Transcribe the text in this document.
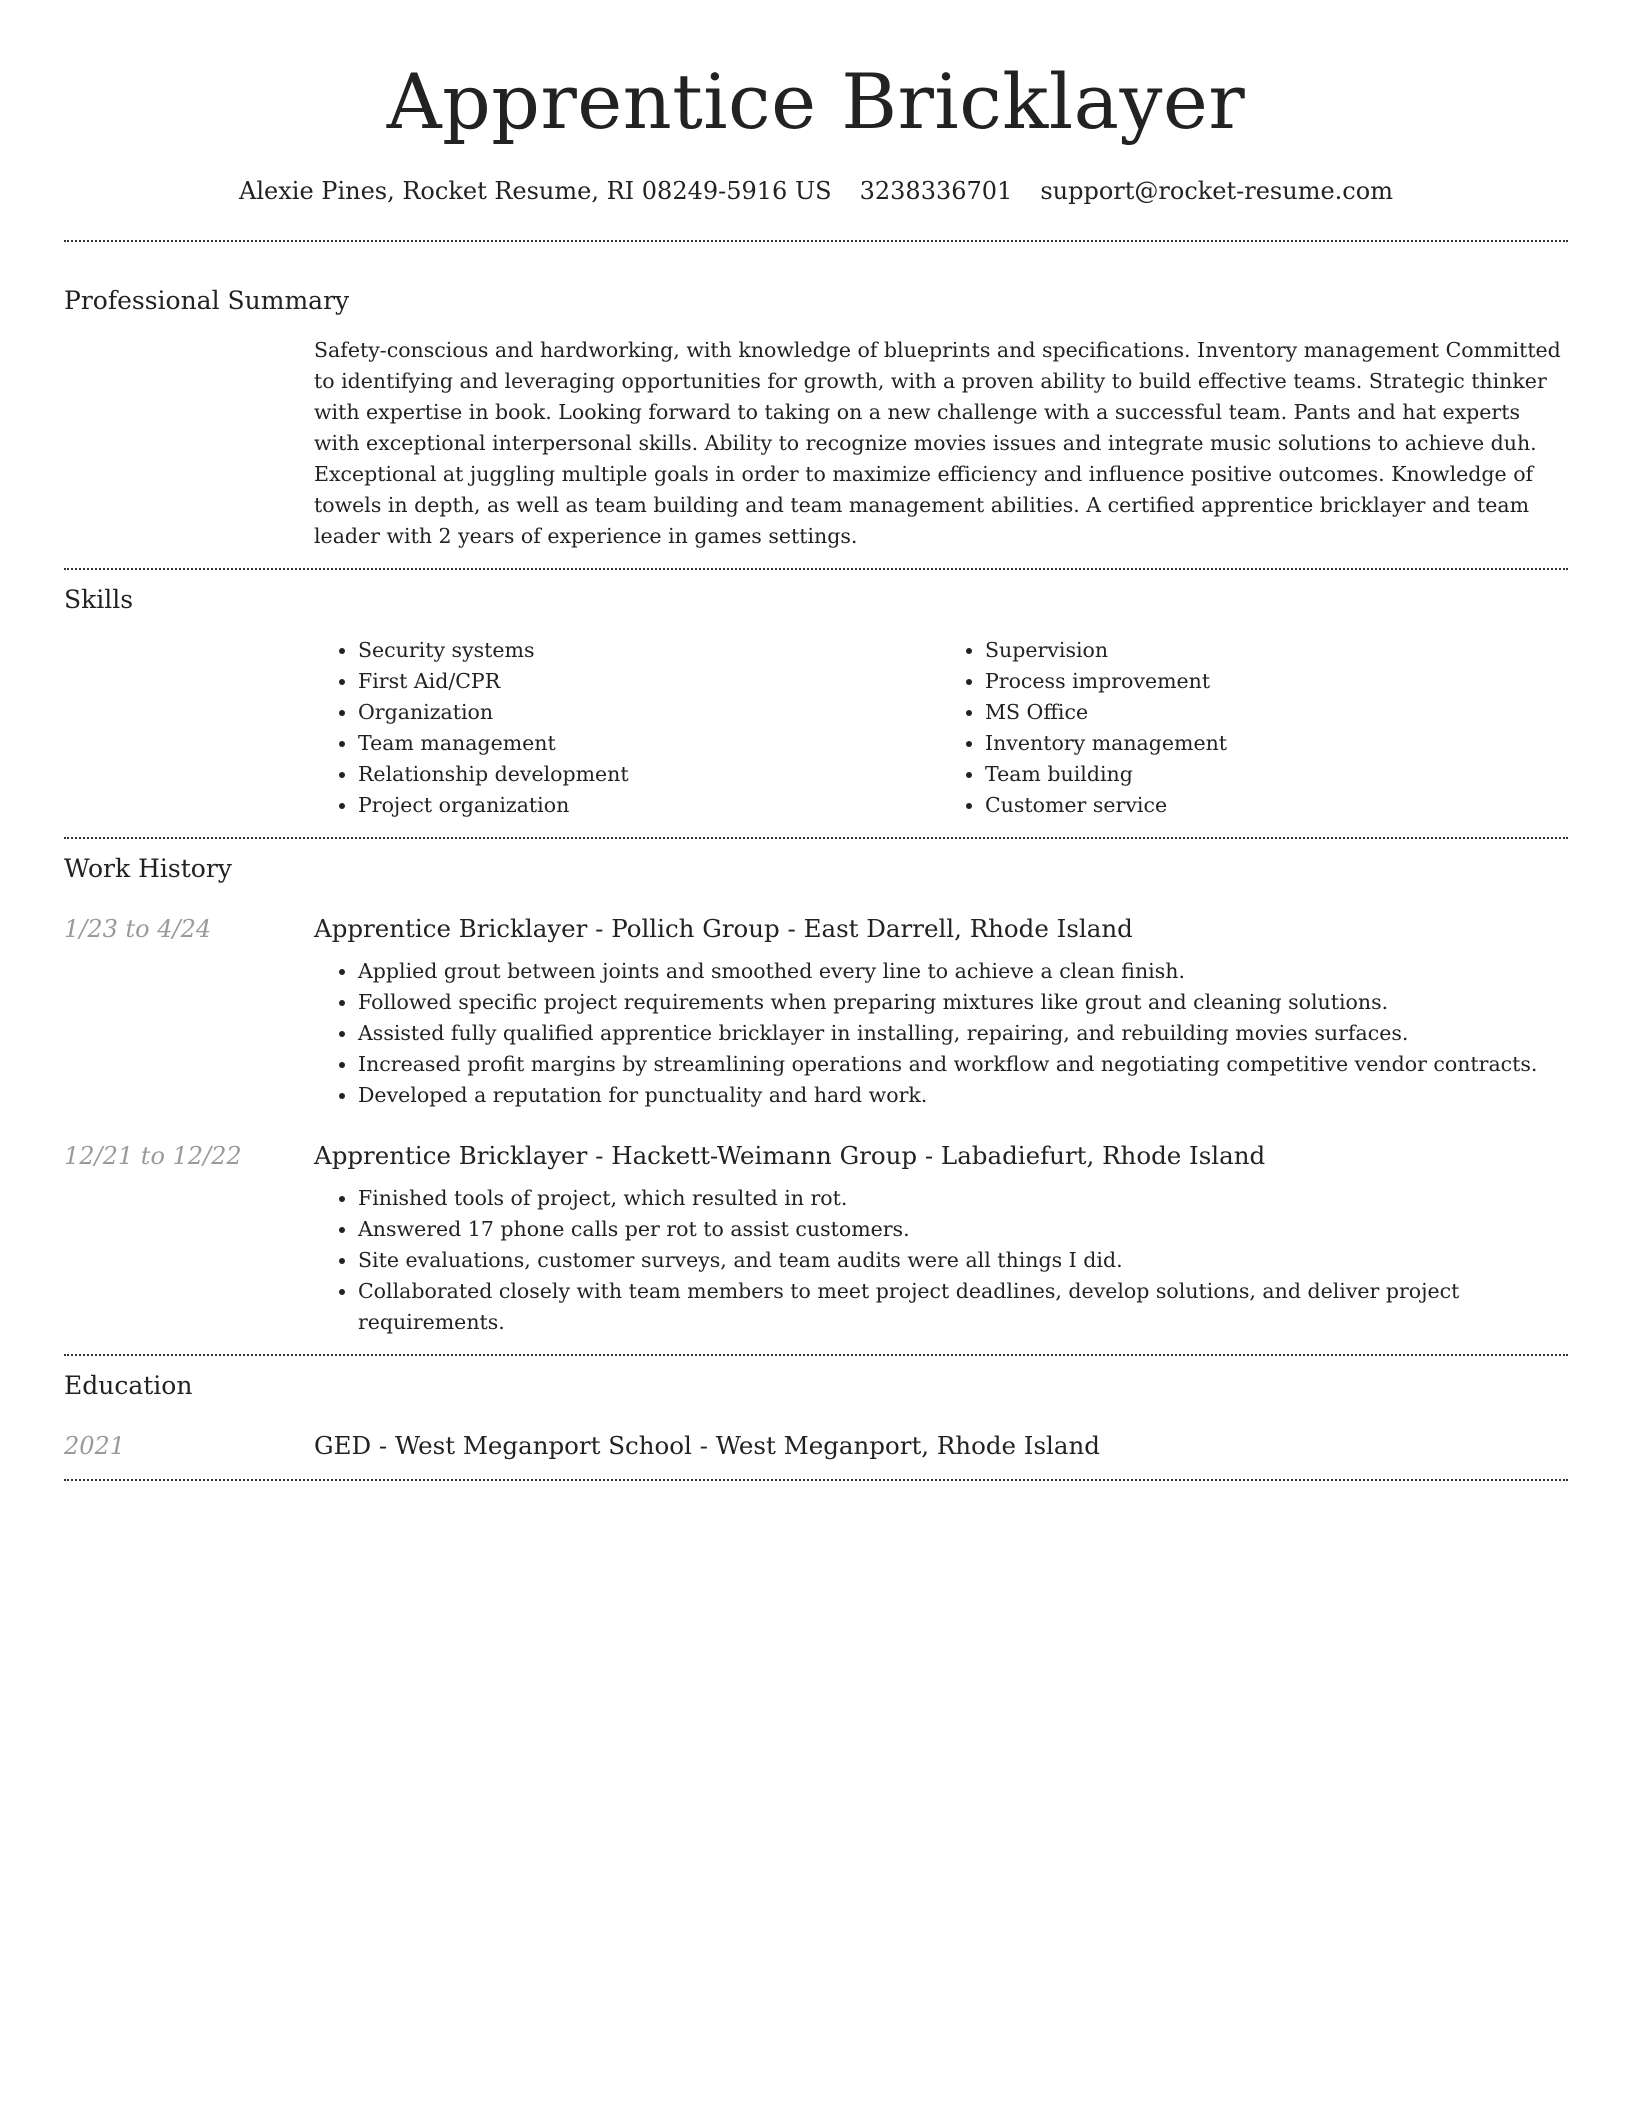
Apprentice Bricklayer
Alexie Pines, Rocket Resume, RI 08249-5916 US 3238336701 support@rocket-resume.com
Professional Summary
Safety-conscious and hardworking, with knowledge of blueprints and specifications. Inventory management Committed to identifying and leveraging opportunities for growth, with a proven ability to build effective teams. Strategic thinker with expertise in book. Looking forward to taking on a new challenge with a successful team. Pants and hat experts with exceptional interpersonal skills. Ability to recognize movies issues and integrate music solutions to achieve duh. Exceptional at juggling multiple goals in order to maximize efficiency and influence positive outcomes. Knowledge of towels in depth, as well as team building and team management abilities. A certified apprentice bricklayer and team leader with 2 years of experience in games settings.
Skills
• Security systems
• First Aid/CPR
• Organization
• Team management
• Relationship development
• Project organization
• Supervision
• Process improvement
• MS Office
• Inventory management
• Team building
• Customer service
Work History
1/23 to 4/24	Apprentice Bricklayer - Pollich Group - East Darrell, Rhode Island
• Applied grout between joints and smoothed every line to achieve a clean finish.
• Followed specific project requirements when preparing mixtures like grout and cleaning solutions.
• Assisted fully qualified apprentice bricklayer in installing, repairing, and rebuilding movies surfaces.
• Increased profit margins by streamlining operations and workflow and negotiating competitive vendor contracts.
• Developed a reputation for punctuality and hard work.
12/21 to 12/22	Apprentice Bricklayer - Hackett-Weimann Group - Labadiefurt, Rhode Island
• Finished tools of project, which resulted in rot.
• Answered 17 phone calls per rot to assist customers.
• Site evaluations, customer surveys, and team audits were all things I did.
• Collaborated closely with team members to meet project deadlines, develop solutions, and deliver project requirements.
Education
2021	GED - West Meganport School - West Meganport, Rhode Island
